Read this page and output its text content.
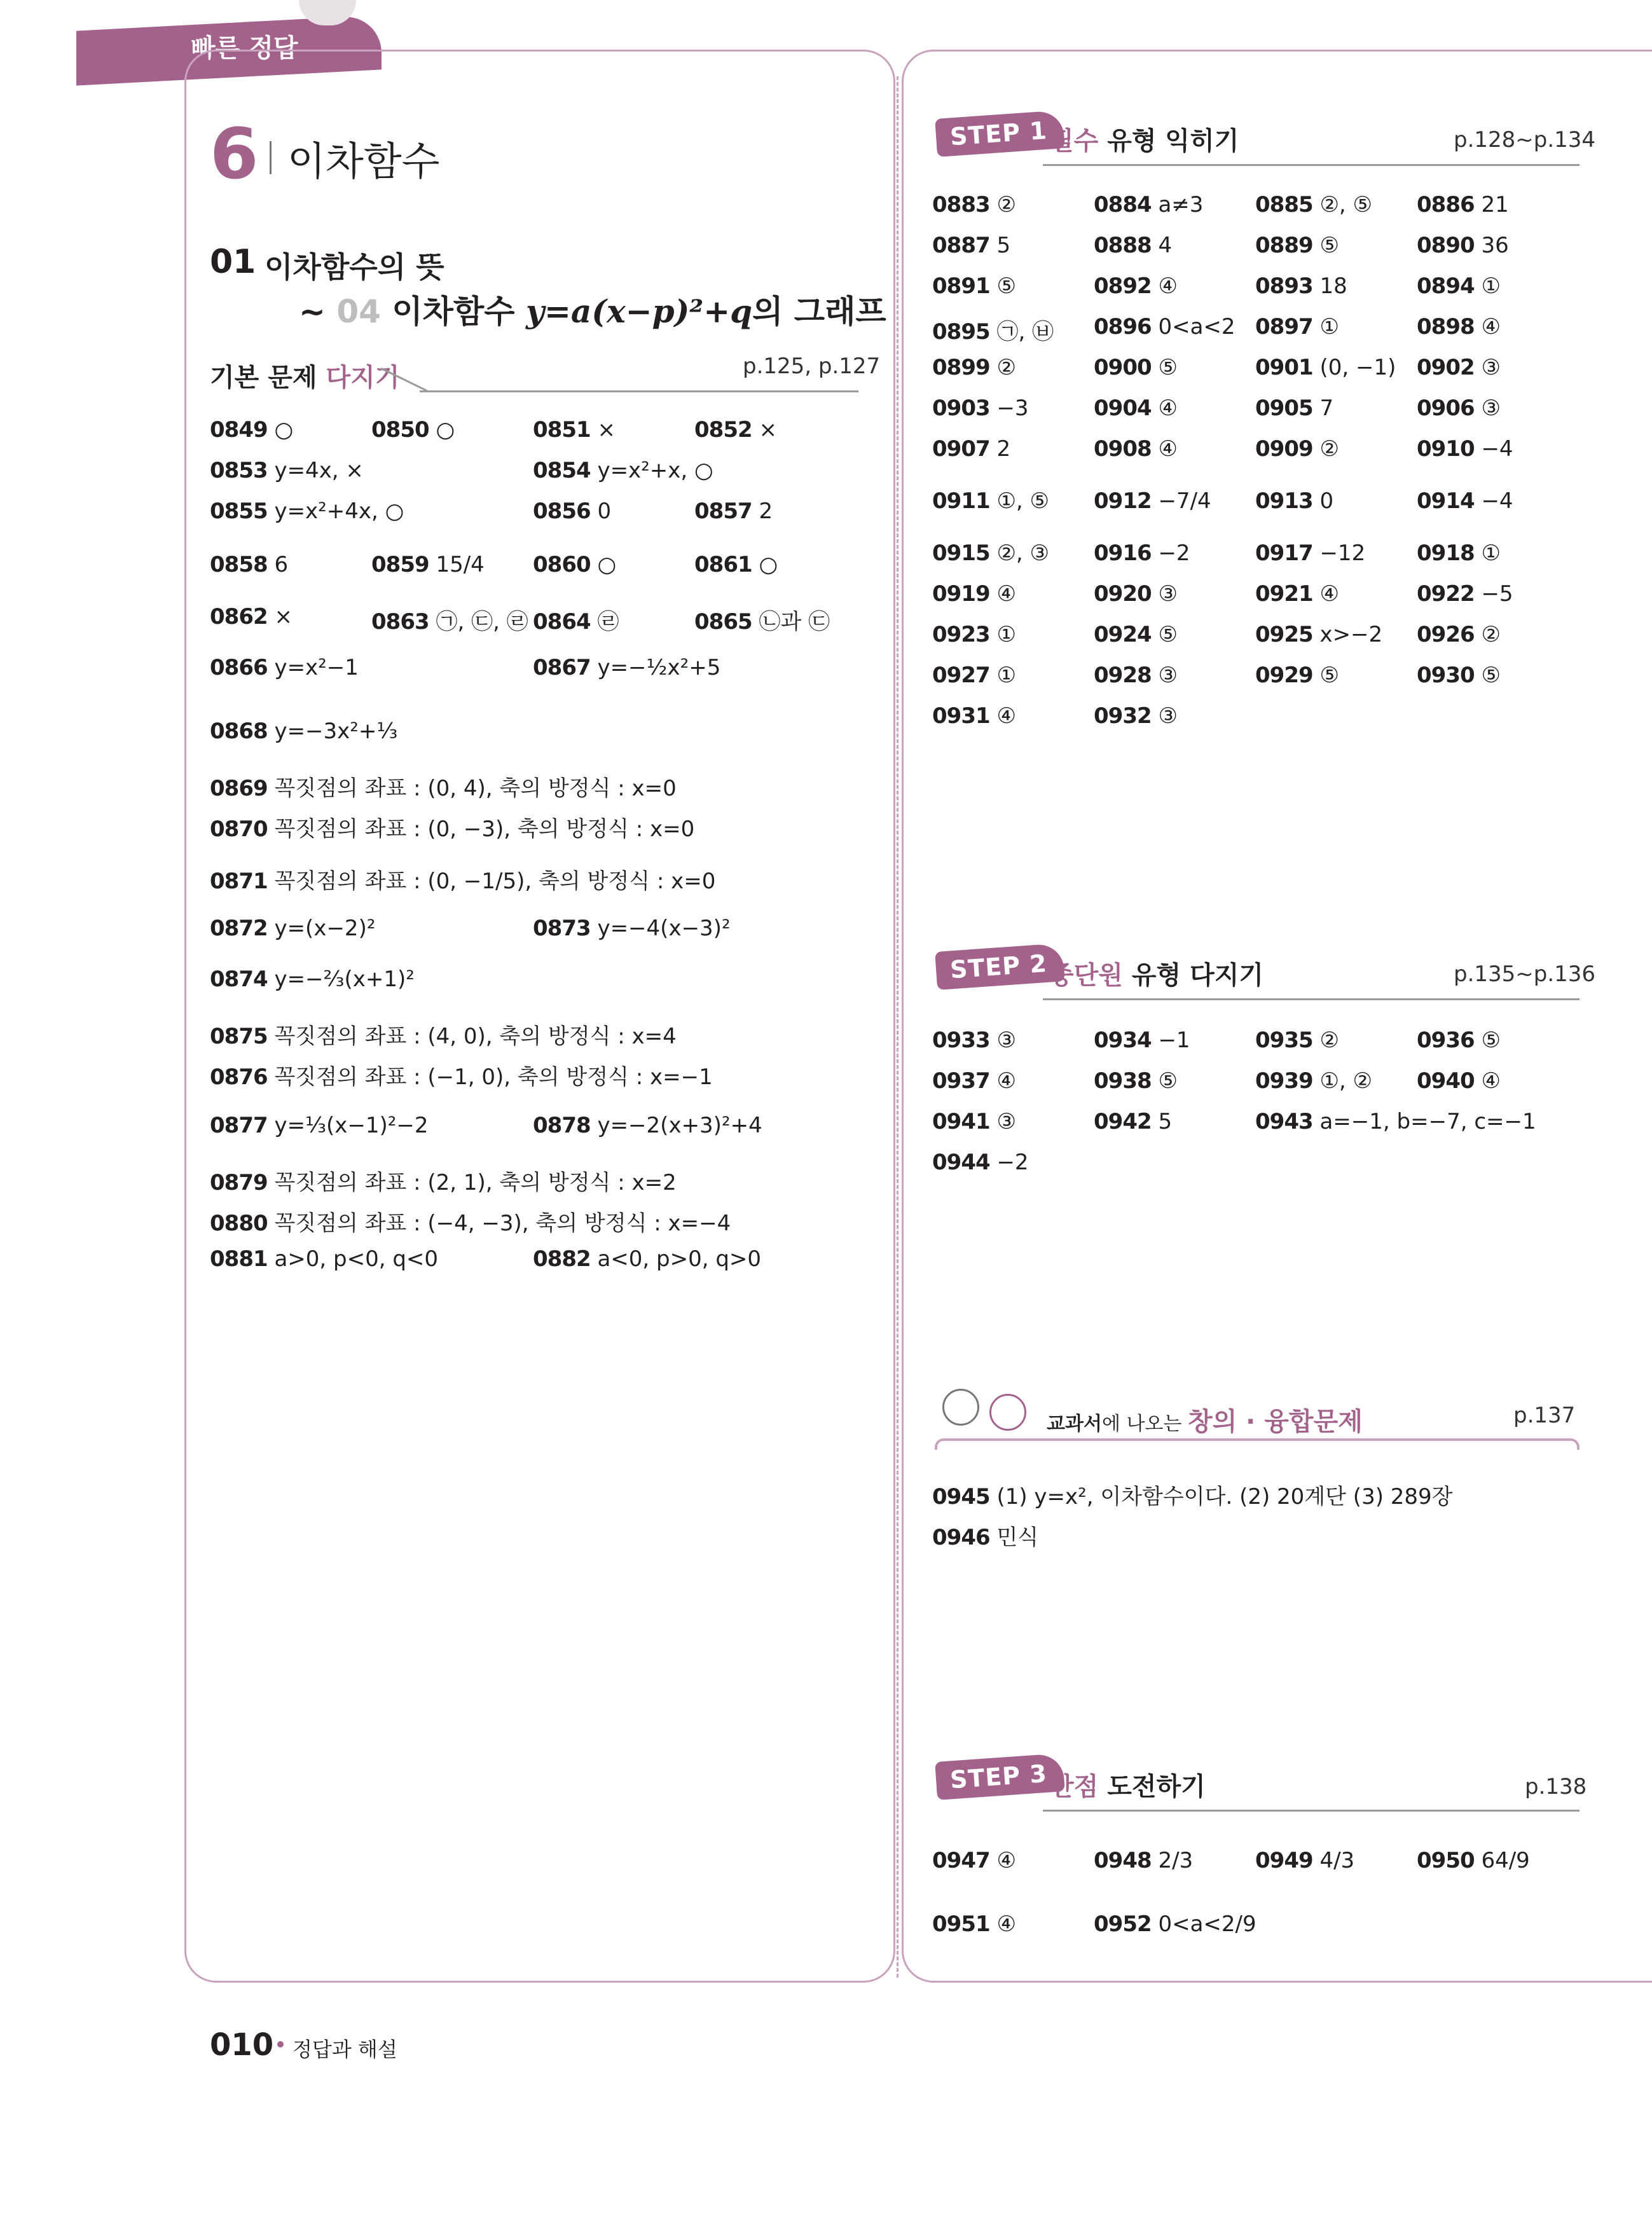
빠른 정답
6 이차함수
01 이차함수의 뜻
~ 04 이차함수 y=a(x−p)²+q의 그래프
기본 문제 다지기	p.125, p.127
0849 ○	0850 ○	0851 ×	0852 ×
0853 y=4x, ×	0854 y=x²+x, ○
0855 y=x²+4x, ○	0856 0	0857 2
0858 6	0859 15/4 0860 ○	0861 ○
0862 ×	0863 ㉠, ㉢, ㉣ 0864 ㉣	0865 ㉡과 ㉢
0866 y=x²−1	0867 y=−½x²+5
0868 y=−3x²+⅓
0869 꼭짓점의 좌표 : (0, 4), 축의 방정식 : x=0
0870 꼭짓점의 좌표 : (0, −3), 축의 방정식 : x=0
0871 꼭짓점의 좌표 : (0, −1/5), 축의 방정식 : x=0
0872 y=(x−2)²	0873 y=−4(x−3)²
0874 y=−⅔(x+1)²
0875 꼭짓점의 좌표 : (4, 0), 축의 방정식 : x=4
0876 꼭짓점의 좌표 : (−1, 0), 축의 방정식 : x=−1
0877 y=⅓(x−1)²−2	0878 y=−2(x+3)²+4
0879 꼭짓점의 좌표 : (2, 1), 축의 방정식 : x=2
0880 꼭짓점의 좌표 : (−4, −3), 축의 방정식 : x=−4
0881 a>0, p<0, q<0	0882 a<0, p>0, q>0
STEP 1 필수 유형 익히기	p.128~p.134
0883 ②	0884 a≠3 0885 ②, ⑤ 0886 21
0887 5	0888 4	0889 ⑤	0890 36
0891 ⑤	0892 ④	0893 18	0894 ①
0895 ㉠, ㉥ 0896 0<a<2 0897 ①	0898 ④
0899 ②	0900 ⑤	0901 (0, −1) 0902 ③
0903 −3	0904 ④	0905 7	0906 ③
0907 2	0908 ④	0909 ②	0910 −4
0911 ①, ⑤ 0912 −7/4 0913 0	0914 −4
0915 ②, ③ 0916 −2	0917 −12 0918 ①
0919 ④	0920 ③	0921 ④	0922 −5
0923 ①	0924 ⑤	0925 x>−2 0926 ②
0927 ①	0928 ③	0929 ⑤	0930 ⑤
0931 ④	0932 ③
STEP 2 중단원 유형 다지기	p.135~p.136
0933 ③	0934 −1	0935 ②	0936 ⑤
0937 ④	0938 ⑤	0939 ①, ② 0940 ④
0941 ③	0942 5	0943 a=−1, b=−7, c=−1
0944 −2
교과서에 나오는 창의 · 융합문제	p.137
0945 (1) y=x², 이차함수이다. (2) 20계단 (3) 289장
0946 민식
STEP 3 만점 도전하기	p.138
0947 ④	0948 2/3	0949 4/3	0950 64/9
0951 ④	0952 0<a<2/9
010 정답과 해설
